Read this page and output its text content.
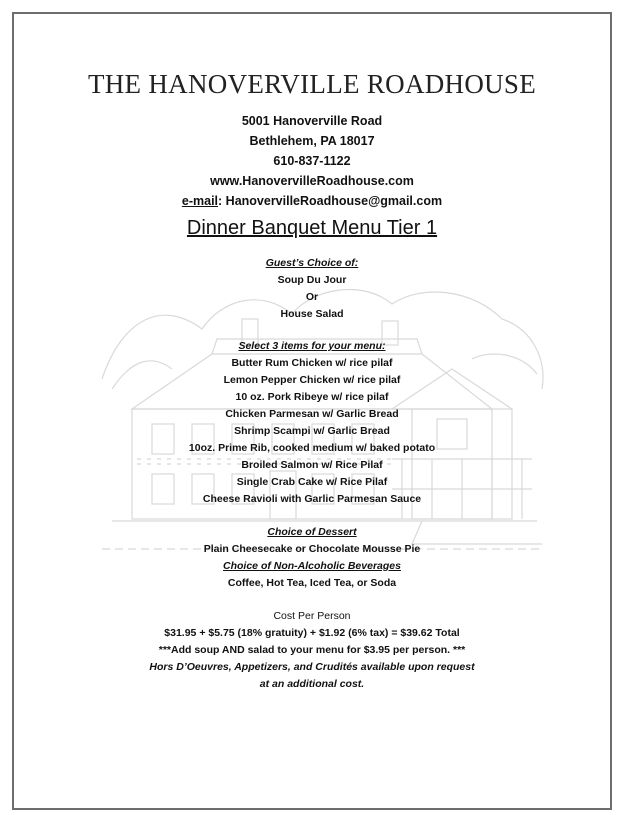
THE HANOVERVILLE ROADHOUSE
5001 Hanoverville Road
Bethlehem, PA 18017
610-837-1122
www.HanovervilleRoadhouse.com
e-mail: HanovervilleRoadhouse@gmail.com
Dinner Banquet Menu Tier 1
Guest’s Choice of:
Soup Du Jour
Or
House Salad
Select 3 items for your menu:
Butter Rum Chicken w/ rice pilaf
Lemon Pepper Chicken w/ rice pilaf
10 oz. Pork Ribeye w/ rice pilaf
Chicken Parmesan w/ Garlic Bread
Shrimp Scampi w/ Garlic Bread
10oz. Prime Rib, cooked medium w/ baked potato
Broiled Salmon w/ Rice Pilaf
Single Crab Cake w/ Rice Pilaf
Cheese Ravioli with Garlic Parmesan Sauce
Choice of Dessert
Plain Cheesecake or Chocolate Mousse Pie
Choice of Non-Alcoholic Beverages
Coffee, Hot Tea, Iced Tea, or Soda
Cost Per Person
$31.95 + $5.75 (18% gratuity) + $1.92 (6% tax) = $39.62 Total
***Add soup AND salad to your menu for $3.95 per person. ***
Hors D’Oeuvres, Appetizers, and Crudités available upon request
at an additional cost.
